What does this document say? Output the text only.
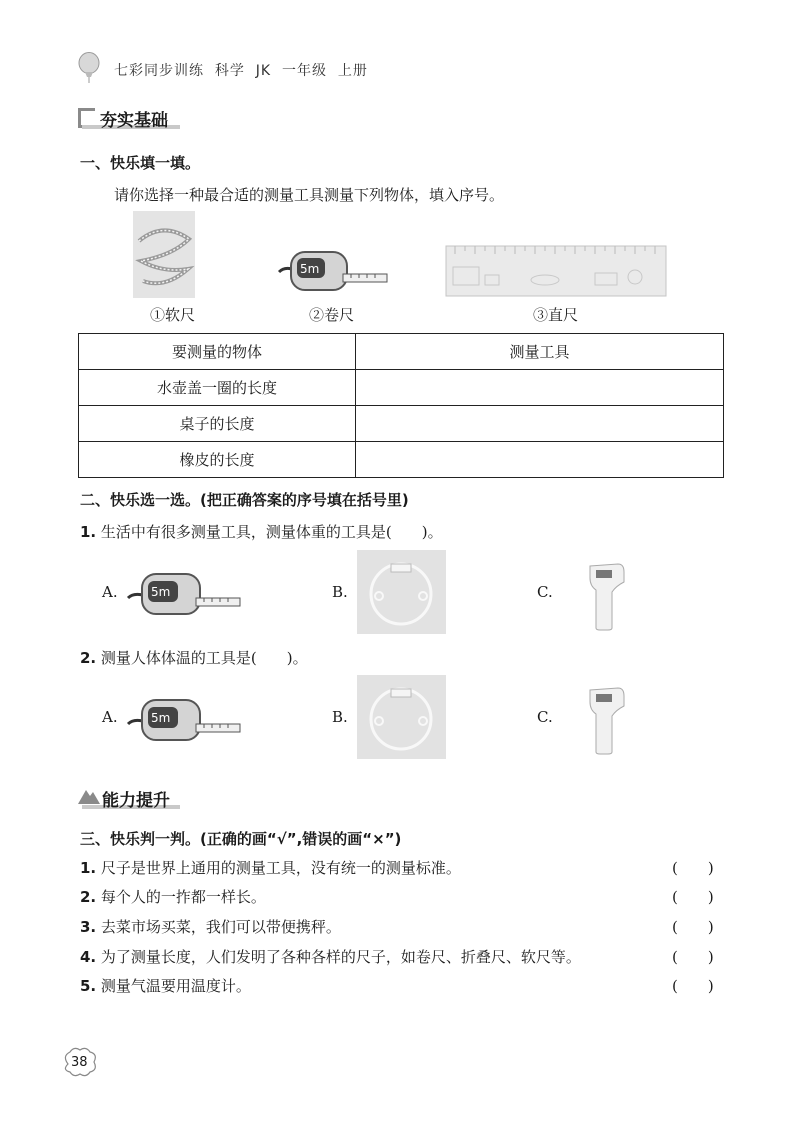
七彩同步训练  科学  JK  一年级  上册
夯实基础
一、快乐填一填。
请你选择一种最合适的测量工具测量下列物体，填入序号。
5m
①软尺	②卷尺	③直尺
要测量的物体	测量工具
水壶盖一圈的长度	
桌子的长度	
橡皮的长度	
二、快乐选一选。(把正确答案的序号填在括号里)
1. 生活中有很多测量工具，测量体重的工具是(　　)。
A.	5m	B.	C.
2. 测量人体体温的工具是(　　)。
A.	5m	B.	C.
能力提升
三、快乐判一判。(正确的画“√”,错误的画“×”)
1. 尺子是世界上通用的测量工具，没有统一的测量标准。	(　　)
2. 每个人的一拃都一样长。	(　　)
3. 去菜市场买菜，我们可以带便携秤。	(　　)
4. 为了测量长度，人们发明了各种各样的尺子，如卷尺、折叠尺、软尺等。	(　　)
5. 测量气温要用温度计。	(　　)
38
